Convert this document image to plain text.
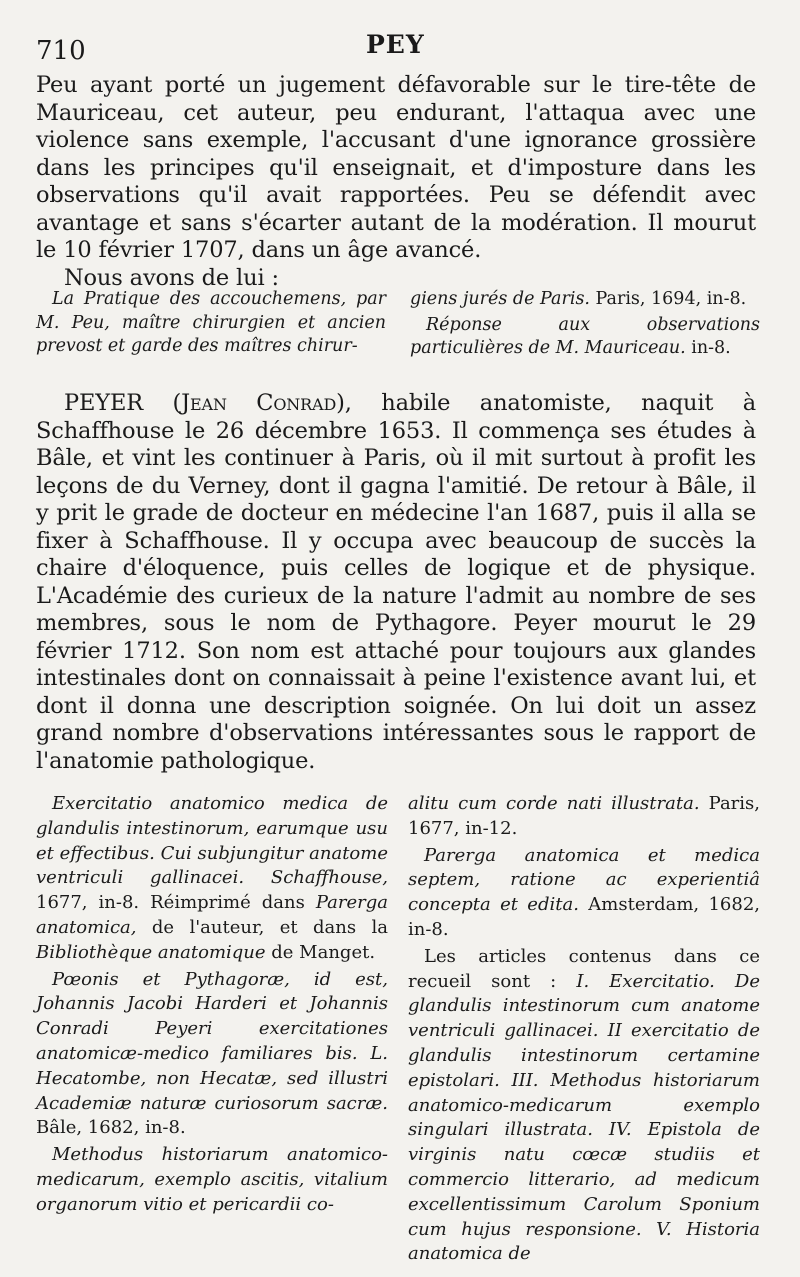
710	PEY

Peu ayant porté un jugement défavorable sur le tire-tête de Mauriceau, cet auteur, peu endurant, l'attaqua avec une violence sans exemple, l'accusant d'une ignorance grossière dans les principes qu'il enseignait, et d'imposture dans les observations qu'il avait rapportées. Peu se défendit avec avantage et sans s'écarter autant de la modération. Il mourut le 10 février 1707, dans un âge avancé.

Nous avons de lui :

La Pratique des accouchemens, par M. Peu, maître chirurgien et ancien prevost et garde des maîtres chirur-

giens jurés de Paris. Paris, 1694, in-8.

Réponse aux observations particulières de M. Mauriceau. in-8.

PEYER (Jean Conrad), habile anatomiste, naquit à Schaffhouse le 26 décembre 1653. Il commença ses études à Bâle, et vint les continuer à Paris, où il mit surtout à profit les leçons de du Verney, dont il gagna l'amitié. De retour à Bâle, il y prit le grade de docteur en médecine l'an 1687, puis il alla se fixer à Schaffhouse. Il y occupa avec beaucoup de succès la chaire d'éloquence, puis celles de logique et de physique. L'Académie des curieux de la nature l'admit au nombre de ses membres, sous le nom de Pythagore. Peyer mourut le 29 février 1712. Son nom est attaché pour toujours aux glandes intestinales dont on connaissait à peine l'existence avant lui, et dont il donna une description soignée. On lui doit un assez grand nombre d'observations intéressantes sous le rapport de l'anatomie pathologique.

Exercitatio anatomico medica de glandulis intestinorum, earumque usu et effectibus. Cui subjungitur anatome ventriculi gallinacei. Schaffhouse, 1677, in-8. Réimprimé dans Parerga anatomica, de l'auteur, et dans la Bibliothèque anatomique de Manget.

Pœonis et Pythagoræ, id est, Johannis Jacobi Harderi et Johannis Conradi Peyeri exercitationes anatomicæ-medico familiares bis. L. Hecatombe, non Hecatæ, sed illustri Academiæ naturæ curiosorum sacræ. Bâle, 1682, in-8.

Methodus historiarum anatomico-medicarum, exemplo ascitis, vitalium organorum vitio et pericardii co-

alitu cum corde nati illustrata. Paris, 1677, in-12.

Parerga anatomica et medica septem, ratione ac experientiâ concepta et edita. Amsterdam, 1682, in-8.

Les articles contenus dans ce recueil sont : I. Exercitatio. De glandulis intestinorum cum anatome ventriculi gallinacei. II exercitatio de glandulis intestinorum certamine epistolari. III. Methodus historiarum anatomico-medicarum exemplo singulari illustrata. IV. Epistola de virginis natu cœcæ studiis et commercio litterario, ad medicum excellentissimum Carolum Sponium cum hujus responsione. V. Historia anatomica de
